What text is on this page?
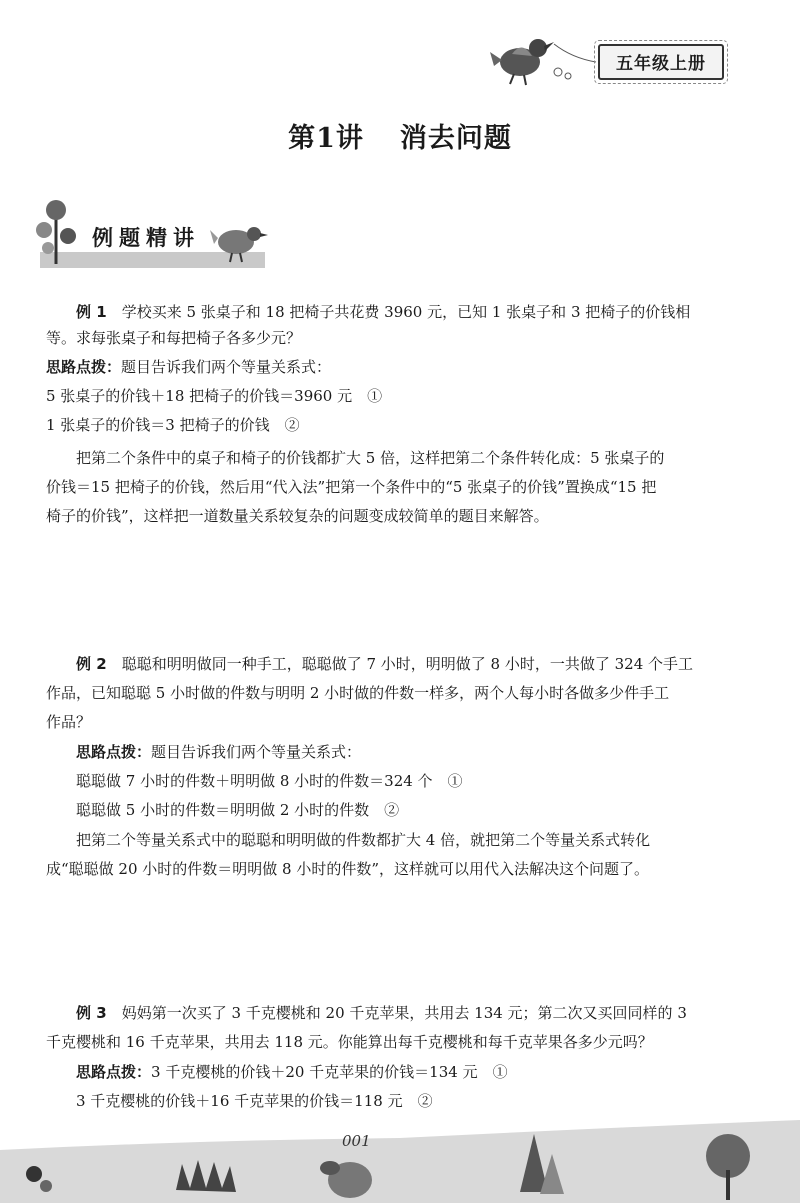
五年级上册
第1讲 消去问题
例题精讲
例 1　 学校买来 5 张桌子和 18 把椅子共花费 3960 元，已知 1 张桌子和 3 把椅子的价钱相
等。求每张桌子和每把椅子各多少元？
思路点拨：题目告诉我们两个等量关系式：
5 张桌子的价钱＋18 把椅子的价钱＝3960 元　①
1 张桌子的价钱＝3 把椅子的价钱　②
把第二个条件中的桌子和椅子的价钱都扩大 5 倍，这样把第二个条件转化成：5 张桌子的
价钱＝15 把椅子的价钱，然后用“代入法”把第一个条件中的“5 张桌子的价钱”置换成“15 把
椅子的价钱”，这样把一道数量关系较复杂的问题变成较简单的题目来解答。
例 2　 聪聪和明明做同一种手工，聪聪做了 7 小时，明明做了 8 小时，一共做了 324 个手工
作品，已知聪聪 5 小时做的件数与明明 2 小时做的件数一样多，两个人每小时各做多少件手工
作品？
思路点拨：题目告诉我们两个等量关系式：
聪聪做 7 小时的件数＋明明做 8 小时的件数＝324 个　①
聪聪做 5 小时的件数＝明明做 2 小时的件数　②
把第二个等量关系式中的聪聪和明明做的件数都扩大 4 倍，就把第二个等量关系式转化
成“聪聪做 20 小时的件数＝明明做 8 小时的件数”，这样就可以用代入法解决这个问题了。
例 3　 妈妈第一次买了 3 千克樱桃和 20 千克苹果，共用去 134 元；第二次又买回同样的 3
千克樱桃和 16 千克苹果，共用去 118 元。你能算出每千克樱桃和每千克苹果各多少元吗？
思路点拨：3 千克樱桃的价钱＋20 千克苹果的价钱＝134 元　①
3 千克樱桃的价钱＋16 千克苹果的价钱＝118 元　②
001
